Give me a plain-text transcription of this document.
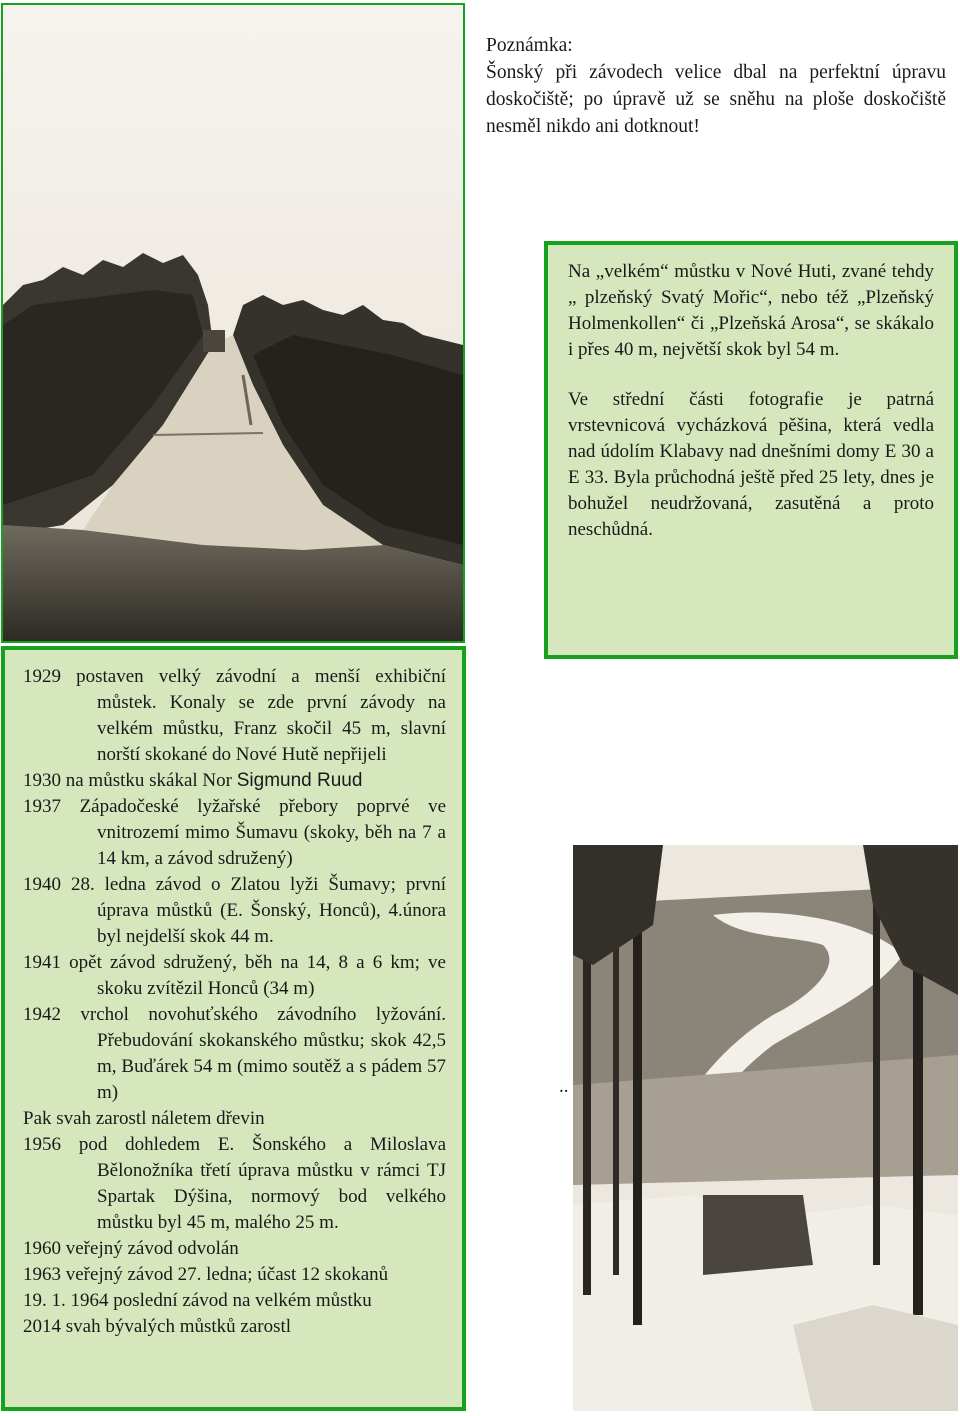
Poznámka:

Šonský při závodech velice dbal na perfektní úpravu doskočiště; po úpravě už se sněhu na ploše doskočiště nesměl nikdo ani dotknout!

Na „velkém“ můstku v Nové Huti, zvané tehdy „ plzeňský Svatý Mořic“, nebo též „Plzeňský Holmenkollen“ či „Plzeňská Arosa“, se skákalo i přes 40 m, největší skok byl 54 m.

Ve střední části fotografie je patrná vrstevnicová vycházková pěšina, která vedla nad údolím Klabavy nad dnešními domy E 30 a E 33. Byla průchodná ještě před 25 lety, dnes je bohužel neudržovaná, zasutěná a proto neschůdná.

1929 postaven velký závodní a menší exhibiční můstek. Konaly se zde první závody na velkém můstku, Franz skočil 45 m, slavní norští skokané do Nové Hutě nepřijeli
1930 na můstku skákal Nor Sigmund Ruud
1937 Západočeské lyžařské přebory poprvé ve vnitrozemí mimo Šumavu (skoky, běh na 7 a 14 km, a závod sdružený)
1940 28. ledna závod o Zlatou lyži Šumavy; první úprava můstků (E. Šonský, Honců), 4.února byl nejdelší skok 44 m.
1941 opět závod sdružený, běh na 14, 8 a 6 km; ve skoku zvítězil Honců (34 m)
1942 vrchol novohuťského závodního lyžování. Přebudování skokanského můstku; skok 42,5 m, Buďárek 54 m (mimo soutěž a s pádem 57 m)
Pak svah zarostl náletem dřevin
1956 pod dohledem E. Šonského a Miloslava Bělonožníka třetí úprava můstku v rámci TJ Spartak Dýšina, normový bod velkého můstku byl 45 m, malého 25 m.
1960 veřejný závod odvolán
1963 veřejný závod 27. ledna; účast 12 skokanů
19. 1. 1964 poslední závod na velkém můstku
2014 svah bývalých můstků zarostl
..
